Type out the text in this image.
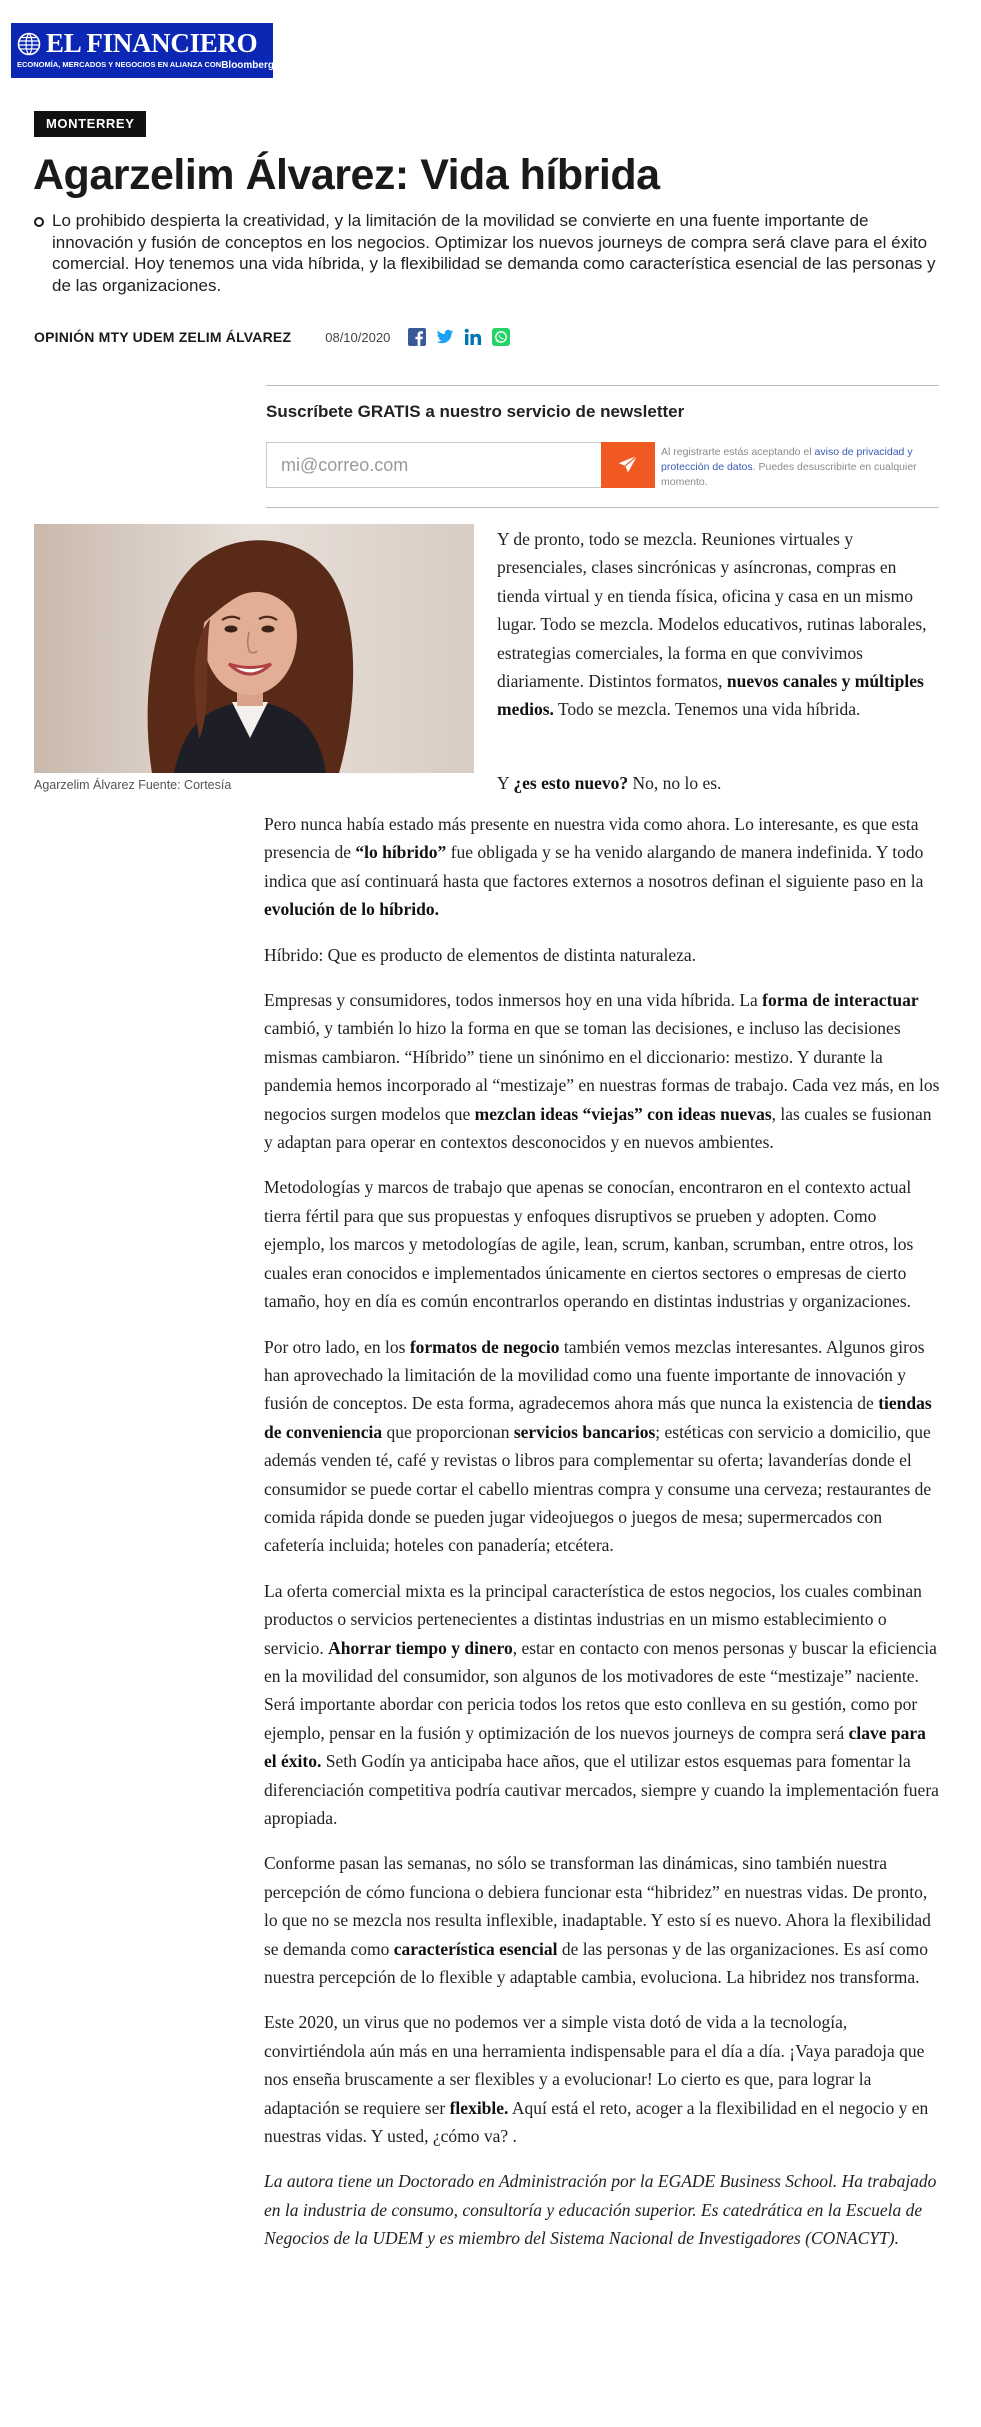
EL FINANCIERO
ECONOMÍA, MERCADOS Y NEGOCIOS EN ALIANZA CON Bloomberg
MONTERREY
Agarzelim Álvarez: Vida híbrida

Lo prohibido despierta la creatividad, y la limitación de la movilidad se convierte en una fuente importante de innovación y fusión de conceptos en los negocios. Optimizar los nuevos journeys de compra será clave para el éxito comercial. Hoy tenemos una vida híbrida, y la flexibilidad se demanda como característica esencial de las personas y de las organizaciones.

OPINIÓN MTY UDEM ZELIM ÁLVAREZ	08/10/2020
Suscríbete GRATIS a nuestro servicio de newsletter
mi@correo.com
Al registrarte estás aceptando el aviso de privacidad y protección de datos. Puedes desuscribirte en cualquier momento.
Agarzelim Álvarez Fuente: Cortesía
Y de pronto, todo se mezcla. Reuniones virtuales y presenciales, clases sincrónicas y asíncronas, compras en tienda virtual y en tienda física, oficina y casa en un mismo lugar. Todo se mezcla. Modelos educativos, rutinas laborales, estrategias comerciales, la forma en que convivimos diariamente. Distintos formatos, nuevos canales y múltiples medios. Todo se mezcla. Tenemos una vida híbrida.
Y ¿es esto nuevo? No, no lo es.

Pero nunca había estado más presente en nuestra vida como ahora. Lo interesante, es que esta presencia de “lo híbrido” fue obligada y se ha venido alargando de manera indefinida. Y todo indica que así continuará hasta que factores externos a nosotros definan el siguiente paso en la evolución de lo híbrido.

Híbrido: Que es producto de elementos de distinta naturaleza.

Empresas y consumidores, todos inmersos hoy en una vida híbrida. La forma de interactuar cambió, y también lo hizo la forma en que se toman las decisiones, e incluso las decisiones mismas cambiaron. “Híbrido” tiene un sinónimo en el diccionario: mestizo. Y durante la pandemia hemos incorporado al “mestizaje” en nuestras formas de trabajo. Cada vez más, en los negocios surgen modelos que mezclan ideas “viejas” con ideas nuevas, las cuales se fusionan y adaptan para operar en contextos desconocidos y en nuevos ambientes.

Metodologías y marcos de trabajo que apenas se conocían, encontraron en el contexto actual tierra fértil para que sus propuestas y enfoques disruptivos se prueben y adopten. Como ejemplo, los marcos y metodologías de agile, lean, scrum, kanban, scrumban, entre otros, los cuales eran conocidos e implementados únicamente en ciertos sectores o empresas de cierto tamaño, hoy en día es común encontrarlos operando en distintas industrias y organizaciones.

Por otro lado, en los formatos de negocio también vemos mezclas interesantes. Algunos giros han aprovechado la limitación de la movilidad como una fuente importante de innovación y fusión de conceptos. De esta forma, agradecemos ahora más que nunca la existencia de tiendas de conveniencia que proporcionan servicios bancarios; estéticas con servicio a domicilio, que además venden té, café y revistas o libros para complementar su oferta; lavanderías donde el consumidor se puede cortar el cabello mientras compra y consume una cerveza; restaurantes de comida rápida donde se pueden jugar videojuegos o juegos de mesa; supermercados con cafetería incluida; hoteles con panadería; etcétera.

La oferta comercial mixta es la principal característica de estos negocios, los cuales combinan productos o servicios pertenecientes a distintas industrias en un mismo establecimiento o servicio. Ahorrar tiempo y dinero, estar en contacto con menos personas y buscar la eficiencia en la movilidad del consumidor, son algunos de los motivadores de este “mestizaje” naciente. Será importante abordar con pericia todos los retos que esto conlleva en su gestión, como por ejemplo, pensar en la fusión y optimización de los nuevos journeys de compra será clave para el éxito. Seth Godín ya anticipaba hace años, que el utilizar estos esquemas para fomentar la diferenciación competitiva podría cautivar mercados, siempre y cuando la implementación fuera apropiada.

Conforme pasan las semanas, no sólo se transforman las dinámicas, sino también nuestra percepción de cómo funciona o debiera funcionar esta “hibridez” en nuestras vidas. De pronto, lo que no se mezcla nos resulta inflexible, inadaptable. Y esto sí es nuevo. Ahora la flexibilidad se demanda como característica esencial de las personas y de las organizaciones. Es así como nuestra percepción de lo flexible y adaptable cambia, evoluciona. La hibridez nos transforma.

Este 2020, un virus que no podemos ver a simple vista dotó de vida a la tecnología, convirtiéndola aún más en una herramienta indispensable para el día a día. ¡Vaya paradoja que nos enseña bruscamente a ser flexibles y a evolucionar! Lo cierto es que, para lograr la adaptación se requiere ser flexible. Aquí está el reto, acoger a la flexibilidad en el negocio y en nuestras vidas. Y usted, ¿cómo va? .

La autora tiene un Doctorado en Administración por la EGADE Business School. Ha trabajado en la industria de consumo, consultoría y educación superior. Es catedrática en la Escuela de Negocios de la UDEM y es miembro del Sistema Nacional de Investigadores (CONACYT).
